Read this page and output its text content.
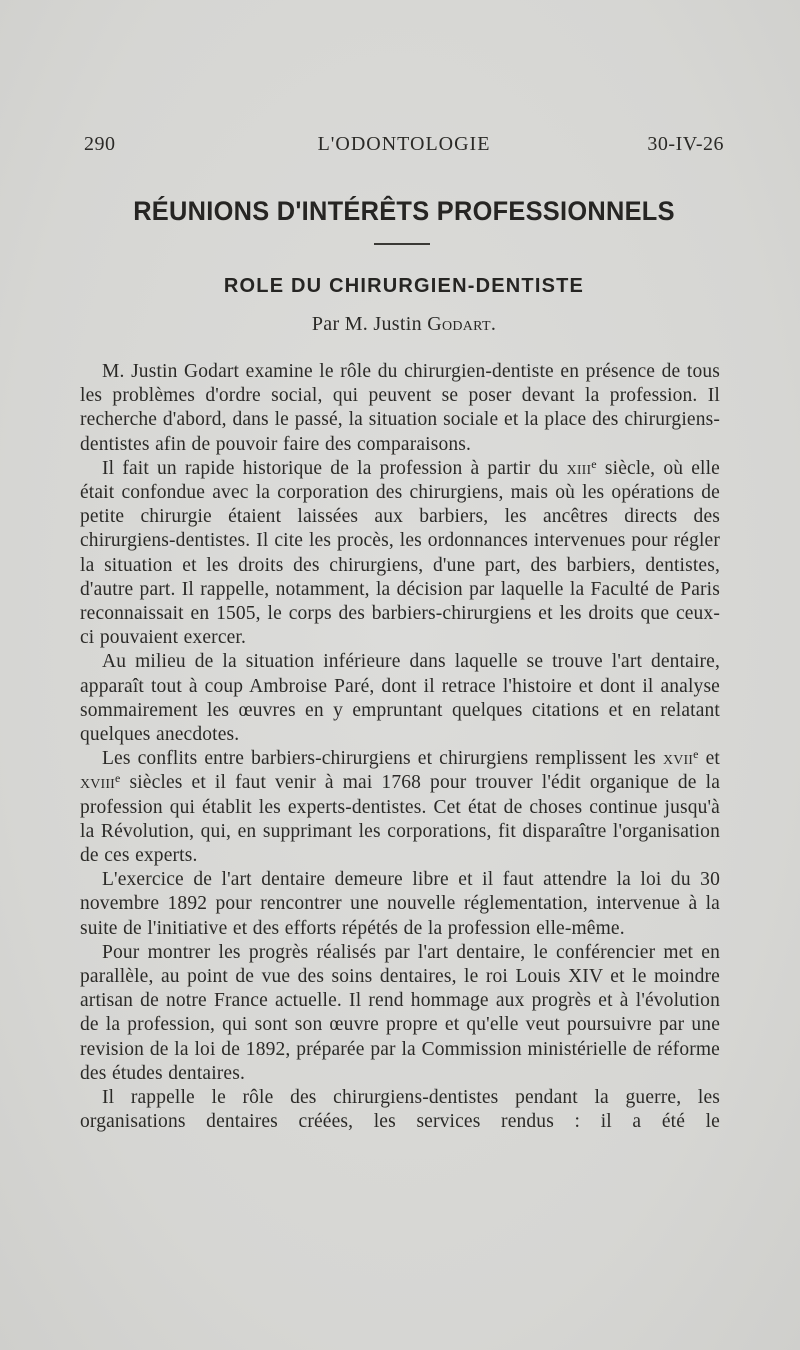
290	L'ODONTOLOGIE	30-IV-26
RÉUNIONS D'INTÉRÊTS PROFESSIONNELS
ROLE DU CHIRURGIEN-DENTISTE
Par M. Justin Godart.

M. Justin Godart examine le rôle du chirurgien-dentiste en présence de tous les problèmes d'ordre social, qui peuvent se poser devant la profession. Il recherche d'abord, dans le passé, la situation sociale et la place des chirurgiens-dentistes afin de pouvoir faire des comparaisons.

Il fait un rapide historique de la profession à partir du xiii$^e$ siècle, où elle était confondue avec la corporation des chirurgiens, mais où les opérations de petite chirurgie étaient laissées aux barbiers, les ancêtres directs des chirurgiens-dentistes. Il cite les procès, les ordonnances intervenues pour régler la situation et les droits des chirurgiens, d'une part, des barbiers, dentistes, d'autre part. Il rappelle, notamment, la décision par laquelle la Faculté de Paris reconnaissait en 1505, le corps des barbiers-chirurgiens et les droits que ceux-ci pouvaient exercer.

Au milieu de la situation inférieure dans laquelle se trouve l'art dentaire, apparaît tout à coup Ambroise Paré, dont il retrace l'histoire et dont il analyse sommairement les œuvres en y empruntant quelques citations et en relatant quelques anecdotes.

Les conflits entre barbiers-chirurgiens et chirurgiens remplissent les xvii$^e$ et xviii$^e$ siècles et il faut venir à mai 1768 pour trouver l'édit organique de la profession qui établit les experts-dentistes. Cet état de choses continue jusqu'à la Révolution, qui, en supprimant les corporations, fit disparaître l'organisation de ces experts.

L'exercice de l'art dentaire demeure libre et il faut attendre la loi du 30 novembre 1892 pour rencontrer une nouvelle réglementation, intervenue à la suite de l'initiative et des efforts répétés de la profession elle-même.

Pour montrer les progrès réalisés par l'art dentaire, le conférencier met en parallèle, au point de vue des soins dentaires, le roi Louis XIV et le moindre artisan de notre France actuelle. Il rend hommage aux progrès et à l'évolution de la profession, qui sont son œuvre propre et qu'elle veut poursuivre par une revision de la loi de 1892, préparée par la Commission ministérielle de réforme des études dentaires.

Il rappelle le rôle des chirurgiens-dentistes pendant la guerre, les organisations dentaires créées, les services rendus : il a été le
